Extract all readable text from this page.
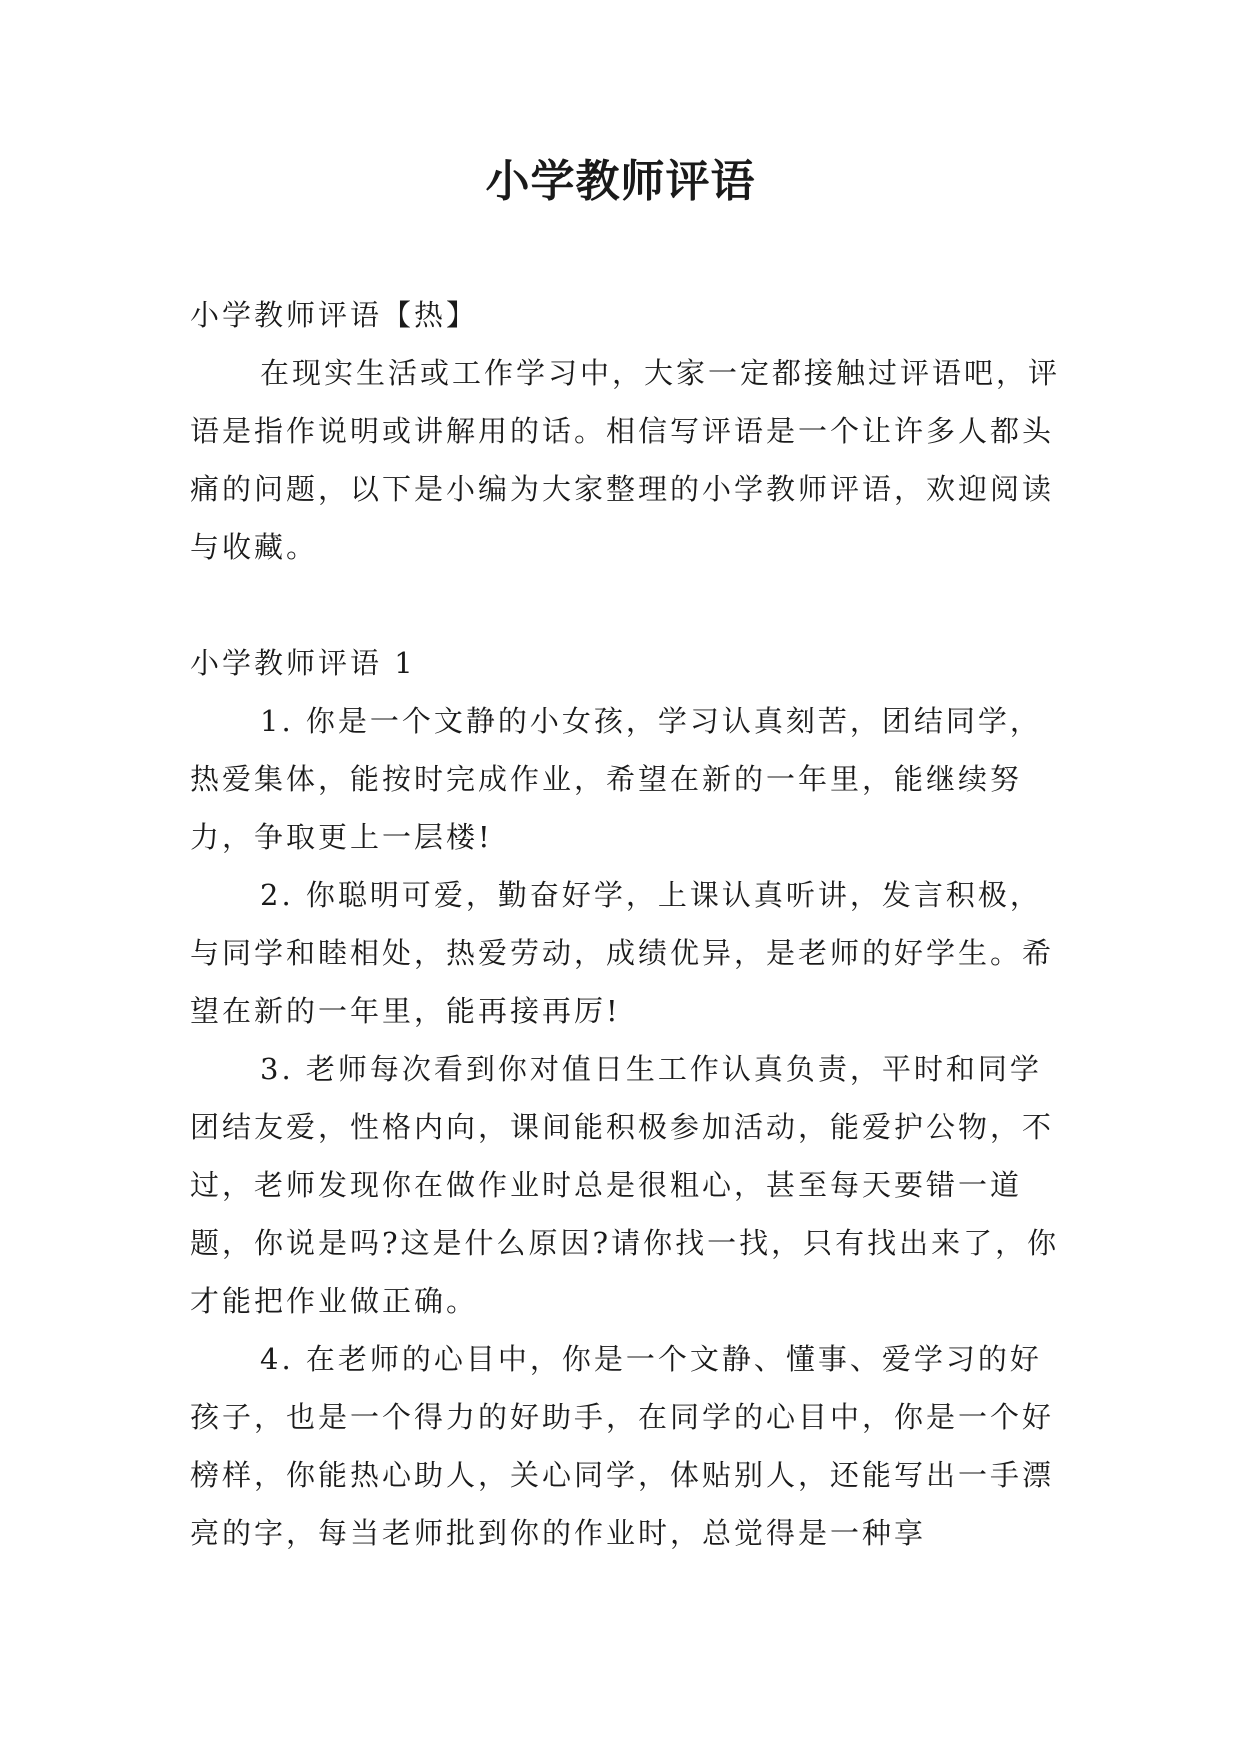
小学教师评语

小学教师评语【热】

在现实生活或工作学习中，大家一定都接触过评语吧，评语是指作说明或讲解用的话。相信写评语是一个让许多人都头痛的问题，以下是小编为大家整理的小学教师评语，欢迎阅读与收藏。

小学教师评语 1

1. 你是一个文静的小女孩，学习认真刻苦，团结同学，热爱集体，能按时完成作业，希望在新的一年里，能继续努力，争取更上一层楼!

2. 你聪明可爱，勤奋好学，上课认真听讲，发言积极，与同学和睦相处，热爱劳动，成绩优异，是老师的好学生。希望在新的一年里，能再接再厉!

3. 老师每次看到你对值日生工作认真负责，平时和同学团结友爱，性格内向，课间能积极参加活动，能爱护公物，不过，老师发现你在做作业时总是很粗心，甚至每天要错一道题，你说是吗?这是什么原因?请你找一找，只有找出来了，你才能把作业做正确。

4. 在老师的心目中，你是一个文静、懂事、爱学习的好孩子，也是一个得力的好助手，在同学的心目中，你是一个好榜样，你能热心助人，关心同学，体贴别人，还能写出一手漂亮的字，每当老师批到你的作业时，总觉得是一种享
